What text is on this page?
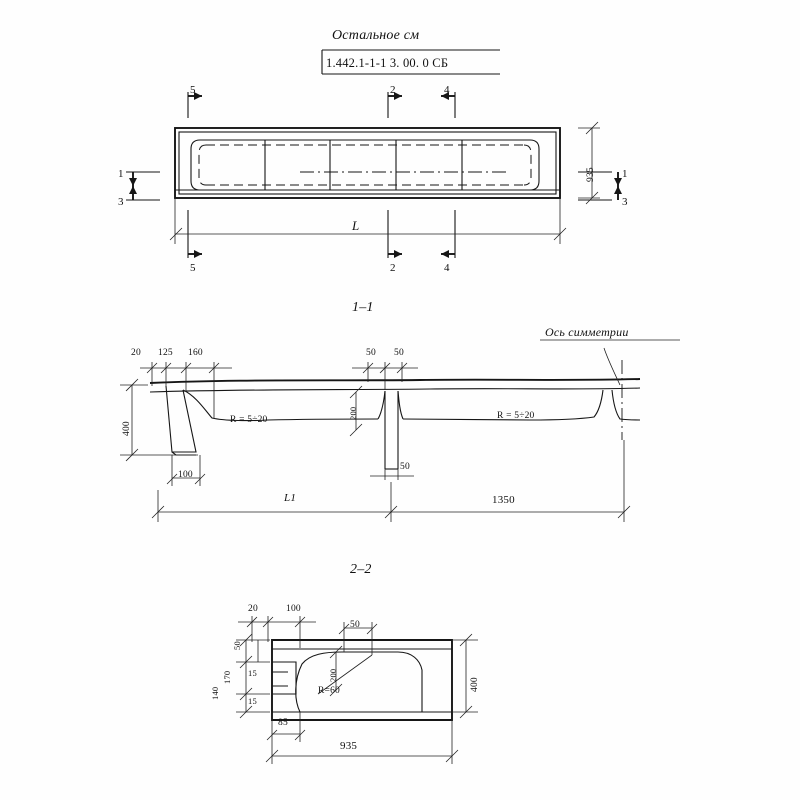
Остальное см
1.442.1-1-1 3. 00. 0 СБ
5	2	4
5	2	4
1
3
1
3
L
935
1–1
Ось симметрии
20 125 160	50 50
400
R = 5÷20	R = 5÷20
200
100
50
L1	1350
2–2
20	100
50
50
170
140
15
15
200
R=60
85
935
400
